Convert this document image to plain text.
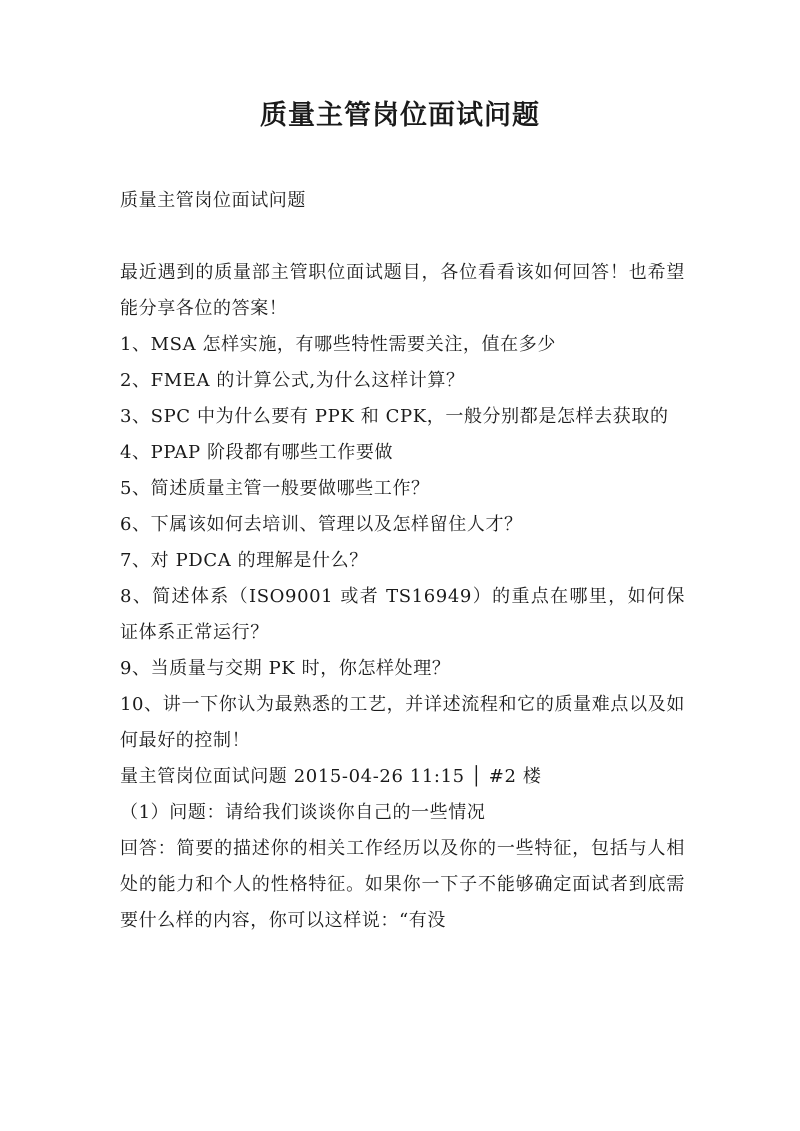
质量主管岗位面试问题

质量主管岗位面试问题

最近遇到的质量部主管职位面试题目，各位看看该如何回答！也希望能分享各位的答案！

1、MSA 怎样实施，有哪些特性需要关注，值在多少

2、FMEA 的计算公式,为什么这样计算？

3、SPC 中为什么要有 PPK 和 CPK，一般分别都是怎样去获取的

4、PPAP 阶段都有哪些工作要做

5、简述质量主管一般要做哪些工作？

6、下属该如何去培训、管理以及怎样留住人才？

7、对 PDCA 的理解是什么？

8、简述体系（ISO9001 或者 TS16949）的重点在哪里，如何保证体系正常运行？

9、当质量与交期 PK 时，你怎样处理？

10、讲一下你认为最熟悉的工艺，并详述流程和它的质量难点以及如何最好的控制！

量主管岗位面试问题 2015-04-26 11:15 │ #2 楼

（1）问题：请给我们谈谈你自己的一些情况

回答：简要的描述你的相关工作经历以及你的一些特征，包括与人相处的能力和个人的性格特征。如果你一下子不能够确定面试者到底需要什么样的内容，你可以这样说：“有没
